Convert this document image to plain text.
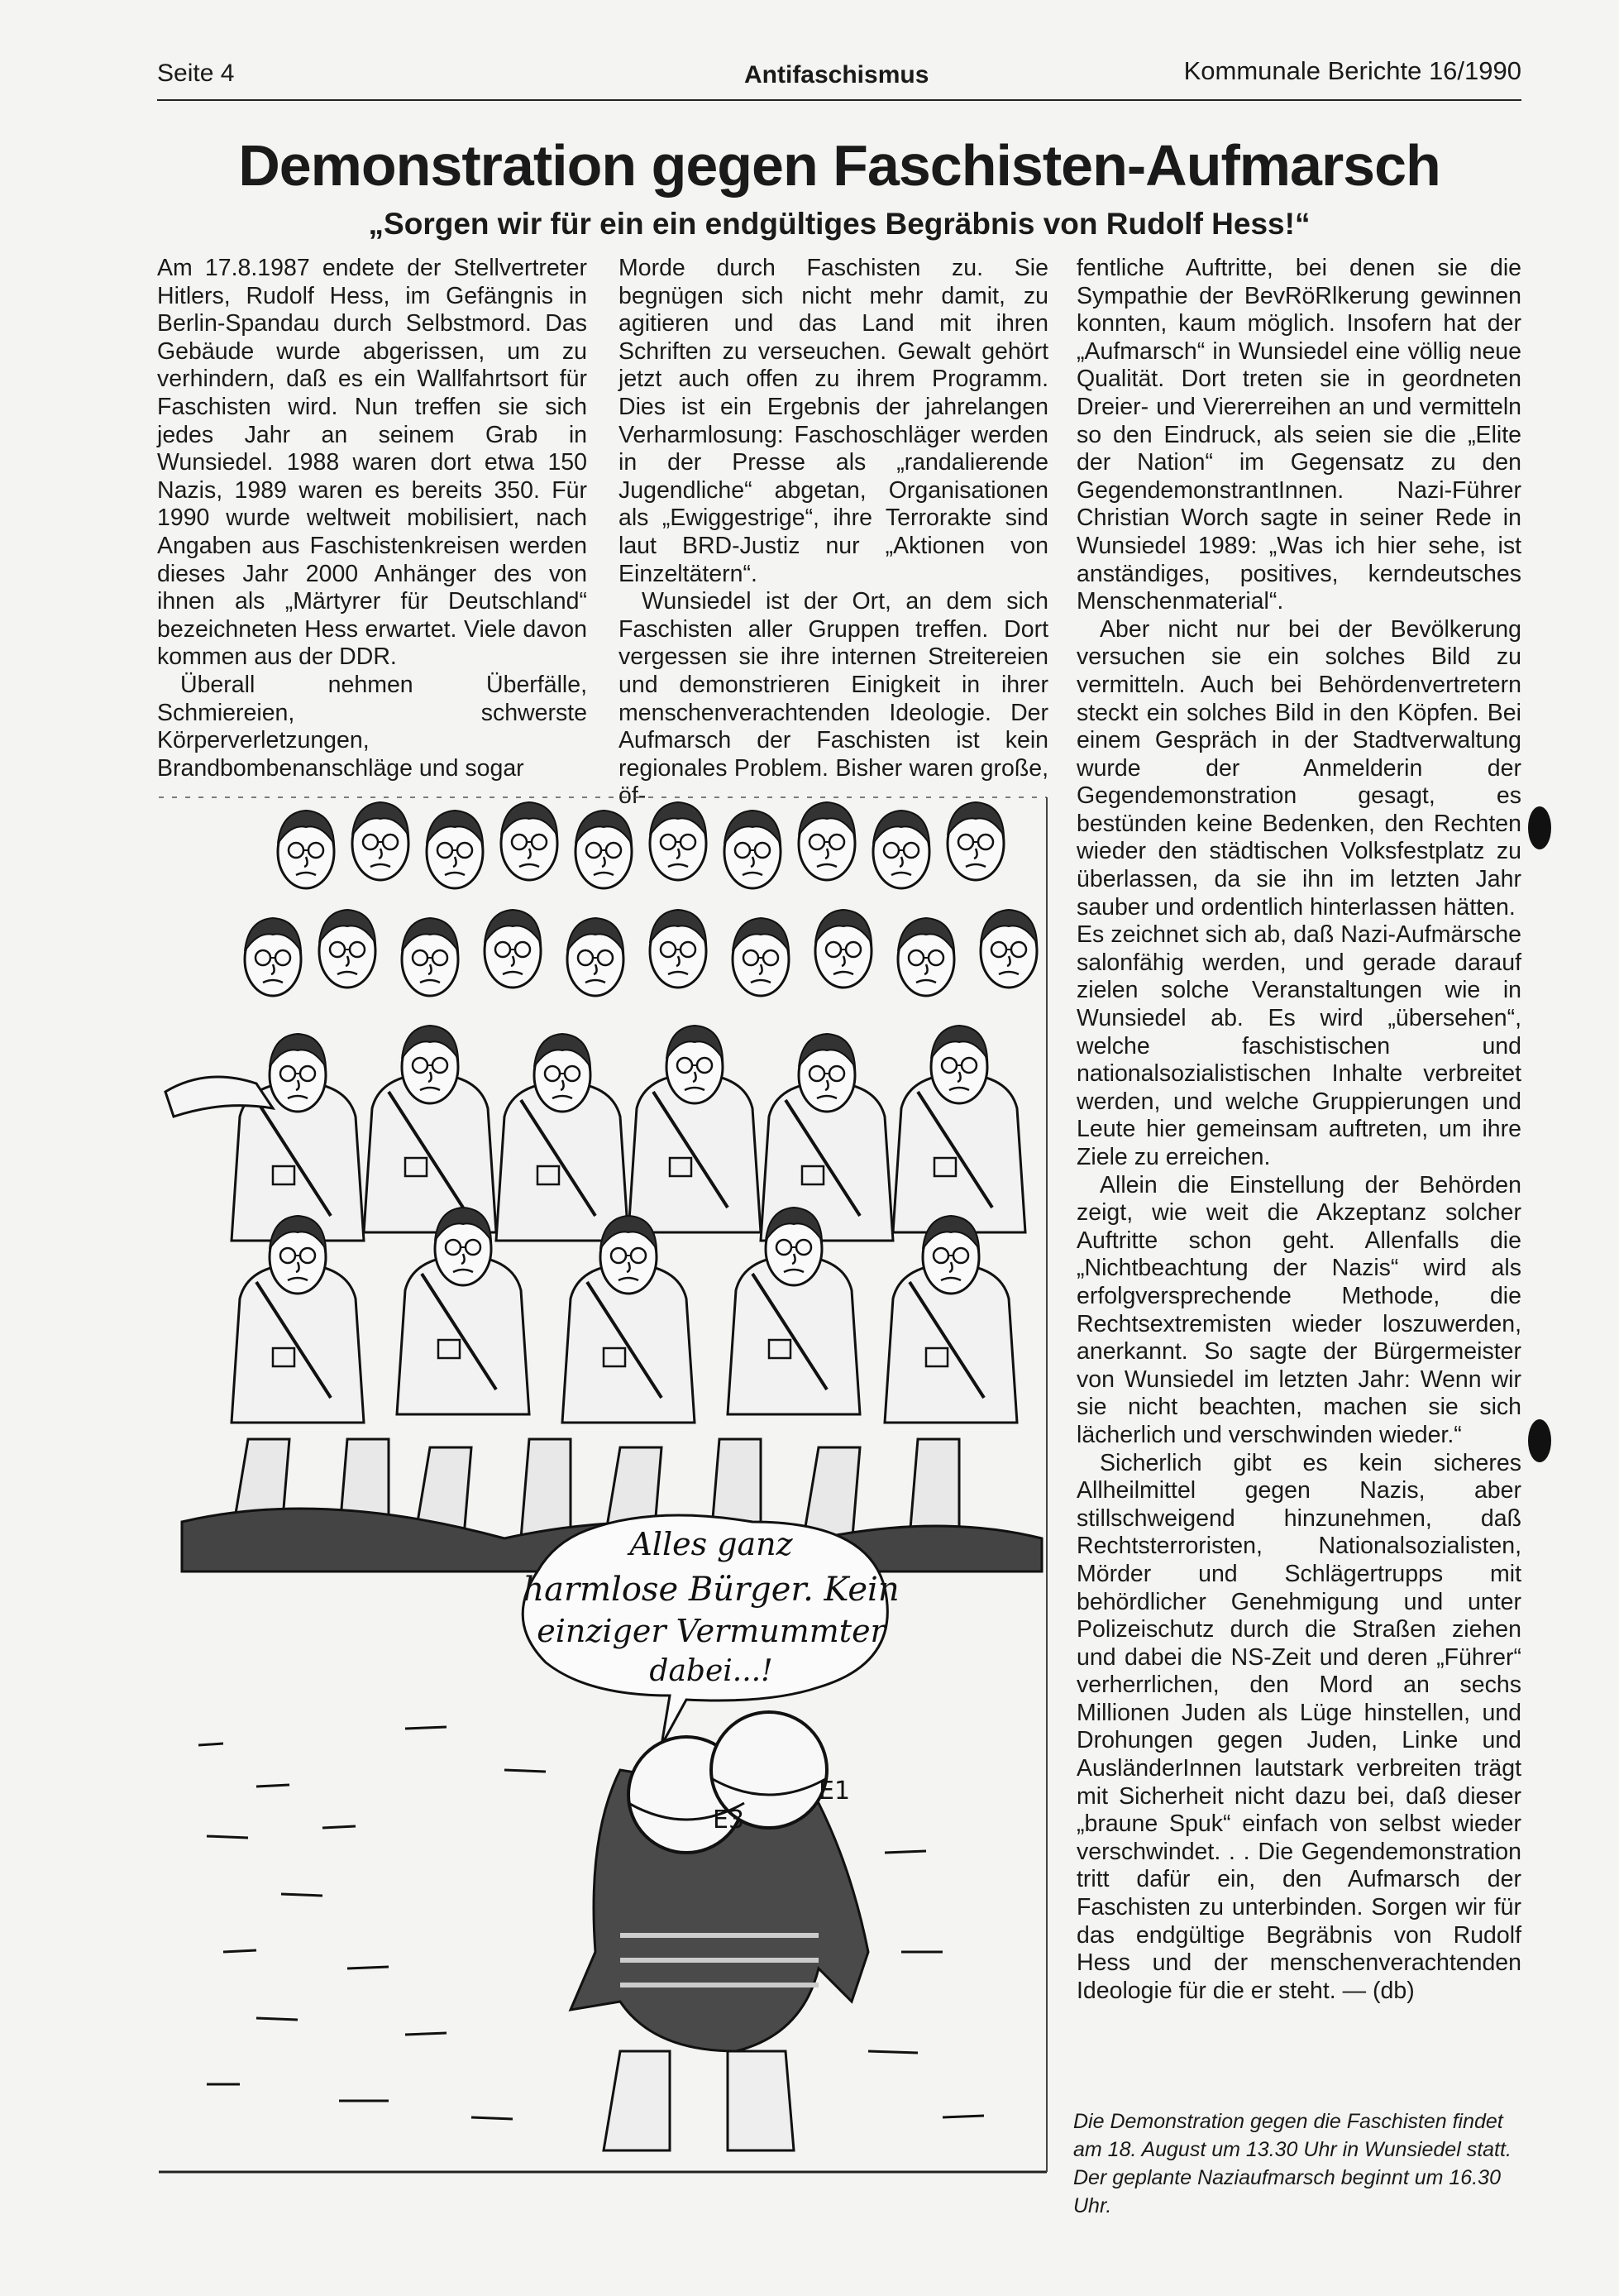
Seite 4	Antifaschismus	Kommunale Berichte 16/1990
Demonstration gegen Faschisten-Aufmarsch
„Sorgen wir für ein ein endgültiges Begräbnis von Rudolf Hess!“

Am 17.8.1987 endete der Stellvertreter Hitlers, Rudolf Hess, im Gefängnis in Berlin-Spandau durch Selbstmord. Das Gebäude wurde abgerissen, um zu verhindern, daß es ein Wallfahrtsort für Faschisten wird. Nun treffen sie sich jedes Jahr an seinem Grab in Wunsiedel. 1988 waren dort etwa 150 Nazis, 1989 waren es bereits 350. Für 1990 wurde weltweit mobilisiert, nach Angaben aus Faschistenkreisen werden dieses Jahr 2000 Anhänger des von ihnen als „Märtyrer für Deutschland“ bezeichneten Hess erwartet. Viele davon kommen aus der DDR.

Überall nehmen Überfälle, Schmiereien, schwerste Körperverletzungen, Brandbombenanschläge und sogar

Morde durch Faschisten zu. Sie begnügen sich nicht mehr damit, zu agitieren und das Land mit ihren Schriften zu verseuchen. Gewalt gehört jetzt auch offen zu ihrem Programm. Dies ist ein Ergebnis der jahrelangen Verharmlosung: Faschoschläger werden in der Presse als „randalierende Jugendliche“ abgetan, Organisationen als „Ewiggestrige“, ihre Terrorakte sind laut BRD-Justiz nur „Aktionen von Einzeltätern“.

Wunsiedel ist der Ort, an dem sich Faschisten aller Gruppen treffen. Dort vergessen sie ihre internen Streitereien und demonstrieren Einigkeit in ihrer menschenverachtenden Ideologie. Der Aufmarsch der Faschisten ist kein regionales Problem. Bisher waren große, öf-

fentliche Auftritte, bei denen sie die Sympathie der BevRöRlkerung gewinnen konnten, kaum möglich. Insofern hat der „Aufmarsch“ in Wunsiedel eine völlig neue Qualität. Dort treten sie in geordneten Dreier- und Viererreihen an und vermitteln so den Eindruck, als seien sie die „Elite der Nation“ im Gegensatz zu den GegendemonstrantInnen. Nazi-Führer Christian Worch sagte in seiner Rede in Wunsiedel 1989: „Was ich hier sehe, ist anständiges, positives, kerndeutsches Menschenmaterial“.

Aber nicht nur bei der Bevölkerung versuchen sie ein solches Bild zu vermitteln. Auch bei Behördenvertretern steckt ein solches Bild in den Köpfen. Bei einem Gespräch in der Stadtverwaltung wurde der Anmelderin der Gegendemonstration gesagt, es bestünden keine Bedenken, den Rechten wieder den städtischen Volksfestplatz zu überlassen, da sie ihn im letzten Jahr sauber und ordentlich hinterlassen hätten.

Es zeichnet sich ab, daß Nazi-Aufmärsche salonfähig werden, und gerade darauf zielen solche Veranstaltungen wie in Wunsiedel ab. Es wird „übersehen“, welche faschistischen und nationalsozialistischen Inhalte verbreitet werden, und welche Gruppierungen und Leute hier gemeinsam auftreten, um ihre Ziele zu erreichen.

Allein die Einstellung der Behörden zeigt, wie weit die Akzeptanz solcher Auftritte schon geht. Allenfalls die „Nichtbeachtung der Nazis“ wird als erfolgversprechende Methode, die Rechtsextremisten wieder loszuwerden, anerkannt. So sagte der Bürgermeister von Wunsiedel im letzten Jahr: Wenn wir sie nicht beachten, machen sie sich lächerlich und verschwinden wieder.“

Sicherlich gibt es kein sicheres Allheilmittel gegen Nazis, aber stillschweigend hinzunehmen, daß Rechtsterroristen, Nationalsozialisten, Mörder und Schlägertrupps mit behördlicher Genehmigung und unter Polizeischutz durch die Straßen ziehen und dabei die NS-Zeit und deren „Führer“ verherrlichen, den Mord an sechs Millionen Juden als Lüge hinstellen, und Drohungen gegen Juden, Linke und AusländerInnen lautstark verbreiten trägt mit Sicherheit nicht dazu bei, daß dieser „braune Spuk“ einfach von selbst wieder verschwindet. . . Die Gegendemonstration tritt dafür ein, den Aufmarsch der Faschisten zu unterbinden. Sorgen wir für das endgültige Begräbnis von Rudolf Hess und der menschenverachtenden Ideologie für die er steht. — (db)

Die Demonstration gegen die Faschisten findet am 18. August um 13.30 Uhr in Wunsiedel statt. Der geplante Naziaufmarsch beginnt um 16.30 Uhr.
Alles ganz
harmlose Bürger. Kein
einziger Vermummter
dabei...!
E3
E1
